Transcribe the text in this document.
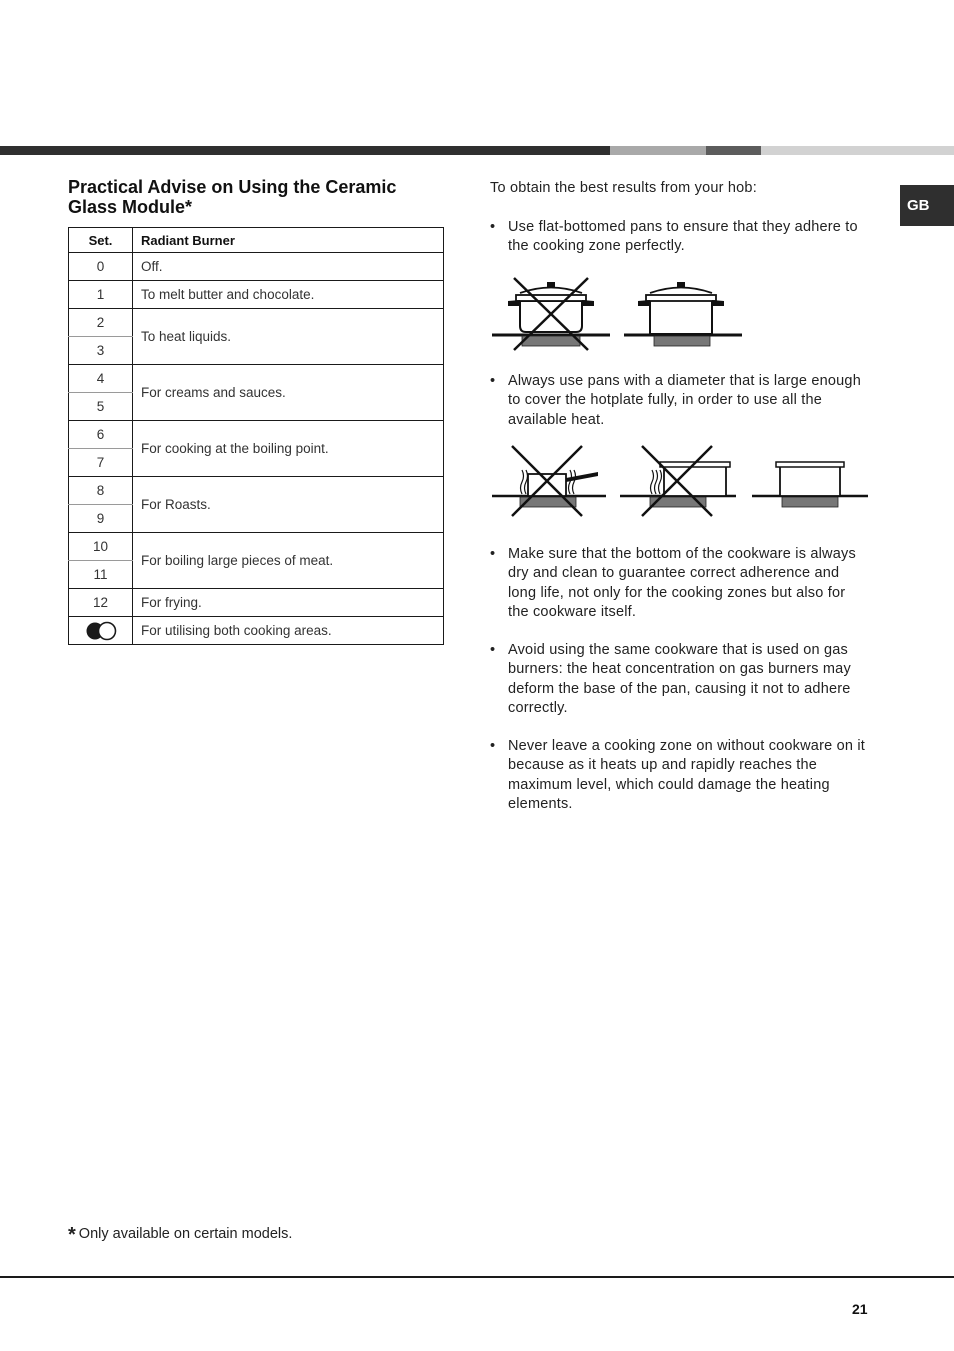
GB
Practical Advise on Using the Ceramic Glass Module*
Set.	Radiant Burner
0	Off.
1	To melt butter and chocolate.
2	To heat liquids.
3	
4	For creams and sauces.
5	
6	For cooking at the boiling point.
7	
8	For Roasts.
9	
10	For boiling large pieces of meat.
11	
12	For frying.
	For utilising both cooking areas.
To obtain the best results from your hob:
• Use flat-bottomed pans to ensure that they adhere to the cooking zone perfectly.
• Always use pans with a diameter that is large enough to cover the hotplate fully, in order to use all the available heat.
• Make sure that the bottom of the cookware is always dry and clean to guarantee correct adherence and long life, not only for the cooking zones but also for the cookware itself.
• Avoid using the same cookware that is used on gas burners: the heat concentration on gas burners may deform the base of the pan, causing it not to adhere correctly.
• Never leave a cooking zone on without cookware on it because as it heats up and rapidly reaches the maximum level, which could damage the heating elements.
* Only available on certain models.
21
